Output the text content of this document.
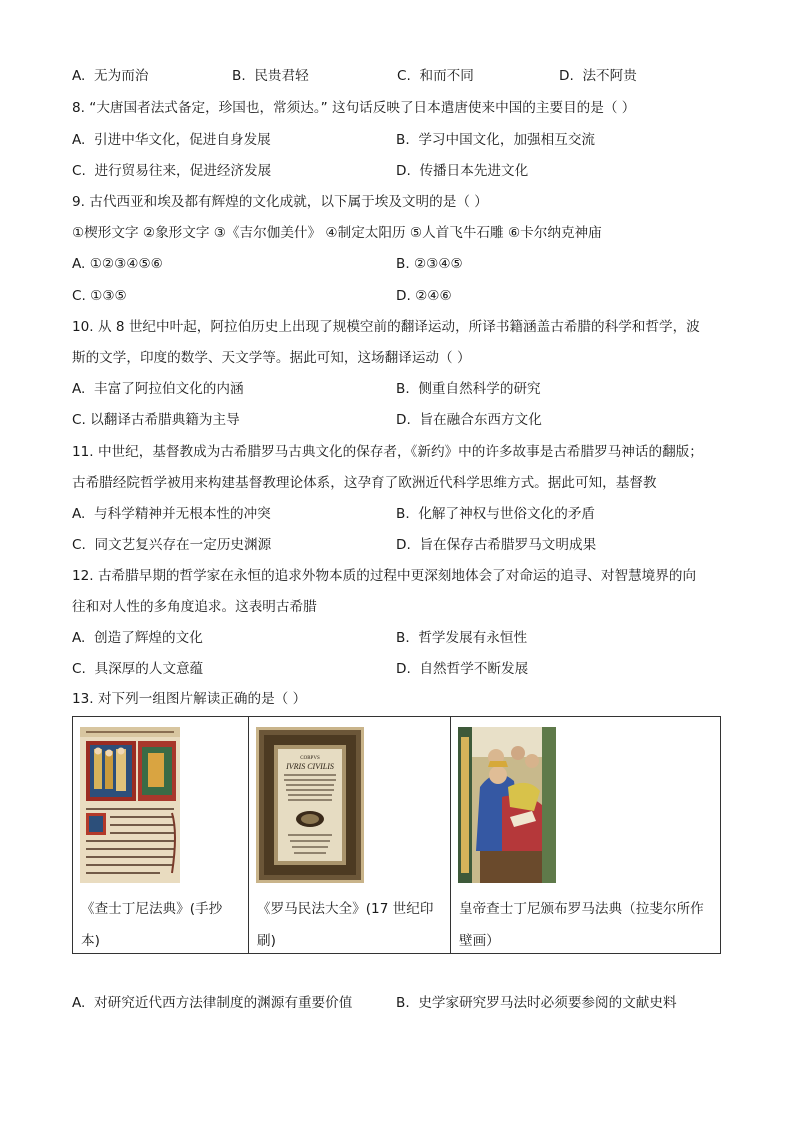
A. 无为而治	B. 民贵君轻	C. 和而不同	D. 法不阿贵
8. “大唐国者法式备定，珍国也，常须达。” 这句话反映了日本遣唐使来中国的主要目的是（ ）
A. 引进中华文化，促进自身发展	B. 学习中国文化，加强相互交流
C. 进行贸易往来，促进经济发展	D. 传播日本先进文化
9. 古代西亚和埃及都有辉煌的文化成就，以下属于埃及文明的是（ ）
①楔形文字 ②象形文字 ③《吉尔伽美什》 ④制定太阳历 ⑤人首飞牛石雕 ⑥卡尔纳克神庙
A. ①②③④⑤⑥	B. ②③④⑤
C. ①③⑤	D. ②④⑥
10. 从 8 世纪中叶起，阿拉伯历史上出现了规模空前的翻译运动，所译书籍涵盖古希腊的科学和哲学，波
斯的文学，印度的数学、天文学等。据此可知，这场翻译运动（ ）
A. 丰富了阿拉伯文化的内涵	B. 侧重自然科学的研究
C. 以翻译古希腊典籍为主导	D. 旨在融合东西方文化
11. 中世纪，基督教成为古希腊罗马古典文化的保存者，《新约》中的许多故事是古希腊罗马神话的翻版；
古希腊经院哲学被用来构建基督教理论体系，这孕育了欧洲近代科学思维方式。据此可知，基督教
A. 与科学精神并无根本性的冲突	B. 化解了神权与世俗文化的矛盾
C. 同文艺复兴存在一定历史渊源	D. 旨在保存古希腊罗马文明成果
往和对人性的多角度追求。这表明古希腊
12. 古希腊早期的哲学家在永恒的追求外物本质的过程中更深刻地体会了对命运的追寻、对智慧境界的向
A. 创造了辉煌的文化	B. 哲学发展有永恒性
C. 具深厚的人文意蕴	D. 自然哲学不断发展
13. 对下列一组图片解读正确的是（ ）
《查士丁尼法典》(手抄本)
CORPVS
IVRIS CIVILIS
《罗马民法大全》(17 世纪印刷)
皇帝查士丁尼颁布罗马法典（拉斐尔所作壁画）
A. 对研究近代西方法律制度的渊源有重要价值	B. 史学家研究罗马法时必须要参阅的文献史料
